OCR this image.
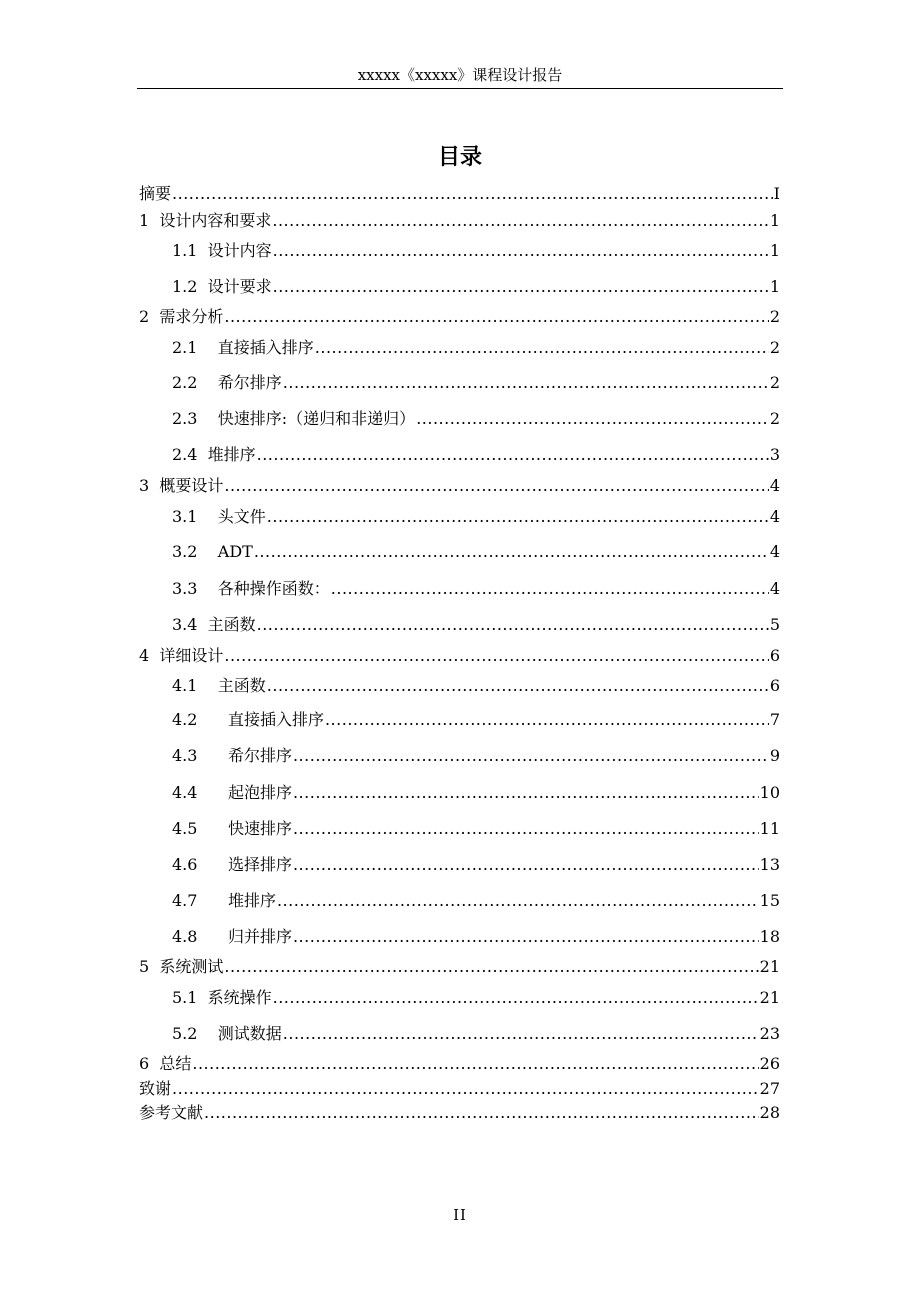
xxxxx《xxxxx》课程设计报告
目录
摘要 .....	I
1  设计内容和要求 .....	1
1.1  设计内容 .....	1
1.2  设计要求 .....	1
2  需求分析 .....	2
2.1    直接插入排序 .....	2
2.2    希尔排序 .....	2
2.3    快速排序:（递归和非递归） .....	2
2.4  堆排序 .....	3
3  概要设计 .....	4
3.1    头文件 .....	4
3.2    ADT .....	4
3.3    各种操作函数： .....	4
3.4  主函数 .....	5
4  详细设计 .....	6
4.1    主函数 .....	6
4.2      直接插入排序 .....	7
4.3      希尔排序 .....	9
4.4      起泡排序 .....	10
4.5      快速排序 .....	11
4.6      选择排序 .....	13
4.7      堆排序 .....	15
4.8      归并排序 .....	18
5  系统测试 .....	21
5.1  系统操作 .....	21
5.2    测试数据 .....	23
6  总结 .....	26
致谢 .....	27
参考文献 .....	28
II
